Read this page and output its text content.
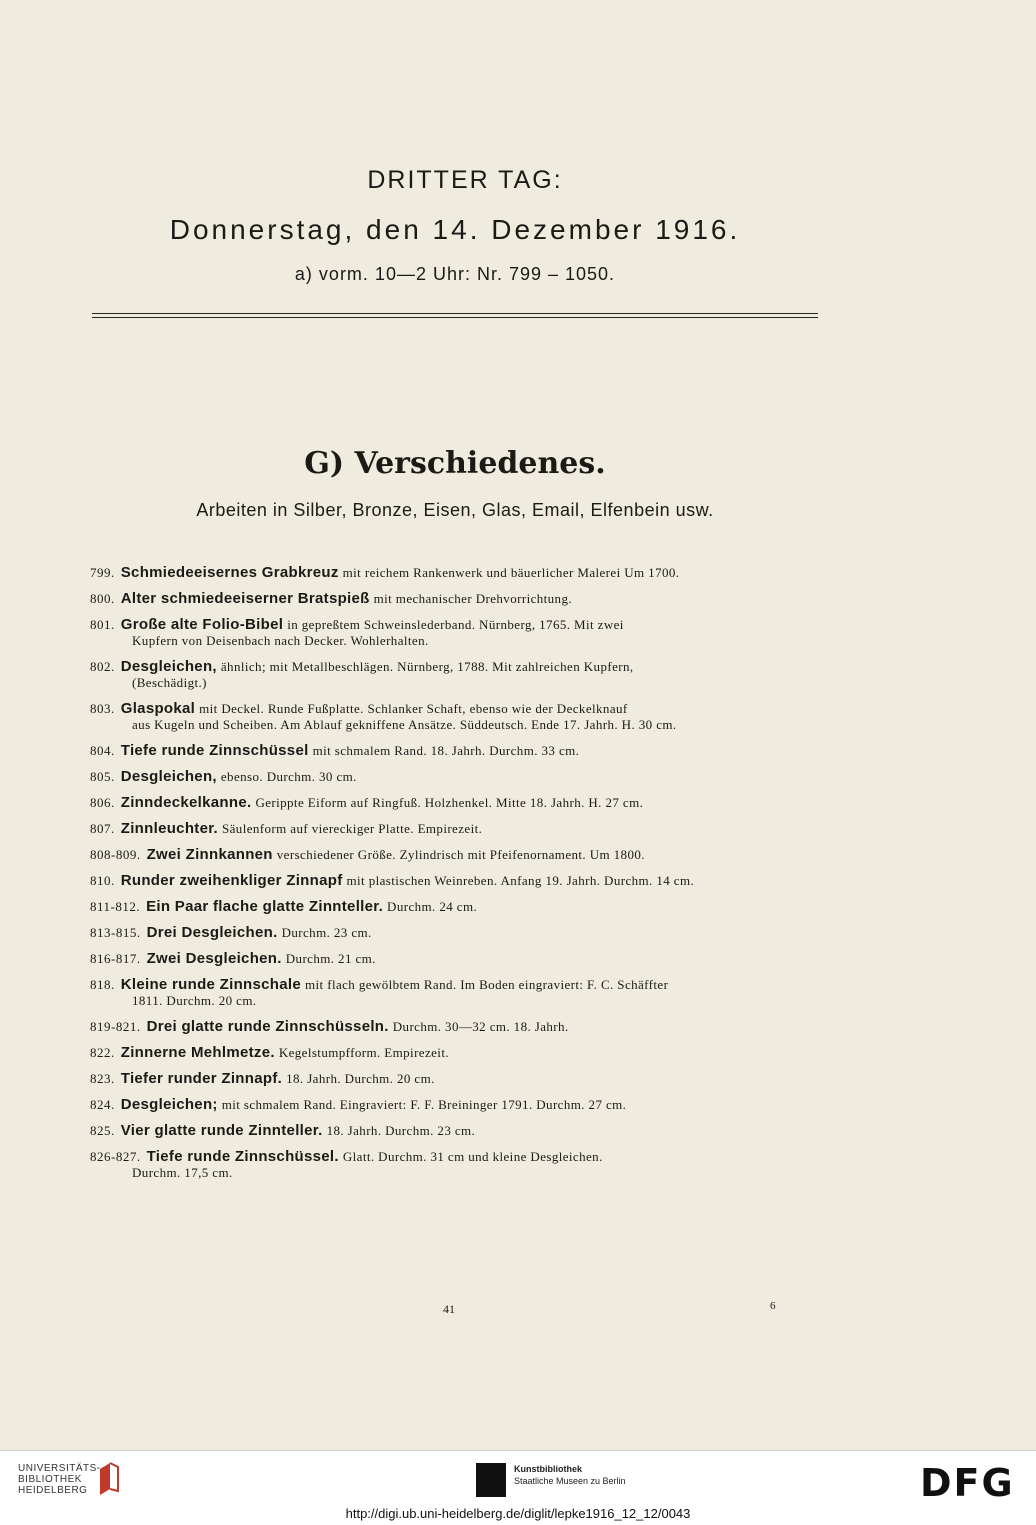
DRITTER TAG:
Donnerstag, den 14. Dezember 1916.
a) vorm. 10—2 Uhr: Nr. 799 – 1050.
G) Verschiedenes.
Arbeiten in Silber, Bronze, Eisen, Glas, Email, Elfenbein usw.
799. Schmiedeeisernes Grabkreuz mit reichem Rankenwerk und bäuerlicher Malerei Um 1700.
800. Alter schmiedeeiserner Bratspieß mit mechanischer Drehvorrichtung.
801. Große alte Folio-Bibel in gepreßtem Schweinslederband. Nürnberg, 1765. Mit zwei
Kupfern von Deisenbach nach Decker. Wohlerhalten.
802. Desgleichen, ähnlich; mit Metallbeschlägen. Nürnberg, 1788. Mit zahlreichen Kupfern,
(Beschädigt.)
803. Glaspokal mit Deckel. Runde Fußplatte. Schlanker Schaft, ebenso wie der Deckelknauf
aus Kugeln und Scheiben. Am Ablauf gekniffene Ansätze. Süddeutsch. Ende 17. Jahrh. H. 30 cm.
804. Tiefe runde Zinnschüssel mit schmalem Rand. 18. Jahrh. Durchm. 33 cm.
805. Desgleichen, ebenso. Durchm. 30 cm.
806. Zinndeckelkanne. Gerippte Eiform auf Ringfuß. Holzhenkel. Mitte 18. Jahrh. H. 27 cm.
807. Zinnleuchter. Säulenform auf viereckiger Platte. Empirezeit.
808-809. Zwei Zinnkannen verschiedener Größe. Zylindrisch mit Pfeifenornament. Um 1800.
810. Runder zweihenkliger Zinnapf mit plastischen Weinreben. Anfang 19. Jahrh. Durchm. 14 cm.
811-812. Ein Paar flache glatte Zinnteller. Durchm. 24 cm.
813-815. Drei Desgleichen. Durchm. 23 cm.
816-817. Zwei Desgleichen. Durchm. 21 cm.
818. Kleine runde Zinnschale mit flach gewölbtem Rand. Im Boden eingraviert: F. C. Schäffter
1811. Durchm. 20 cm.
819-821. Drei glatte runde Zinnschüsseln. Durchm. 30—32 cm. 18. Jahrh.
822. Zinnerne Mehlmetze. Kegelstumpfform. Empirezeit.
823. Tiefer runder Zinnapf. 18. Jahrh. Durchm. 20 cm.
824. Desgleichen; mit schmalem Rand. Eingraviert: F. F. Breininger 1791. Durchm. 27 cm.
825. Vier glatte runde Zinnteller. 18. Jahrh. Durchm. 23 cm.
826-827. Tiefe runde Zinnschüssel. Glatt. Durchm. 31 cm und kleine Desgleichen.
Durchm. 17,5 cm.
41	6
UNIVERSITÄTS-
BIBLIOTHEK
HEIDELBERG
Kunstbibliothek
Staatliche Museen zu Berlin	DFG
http://digi.ub.uni-heidelberg.de/diglit/lepke1916_12_12/0043
